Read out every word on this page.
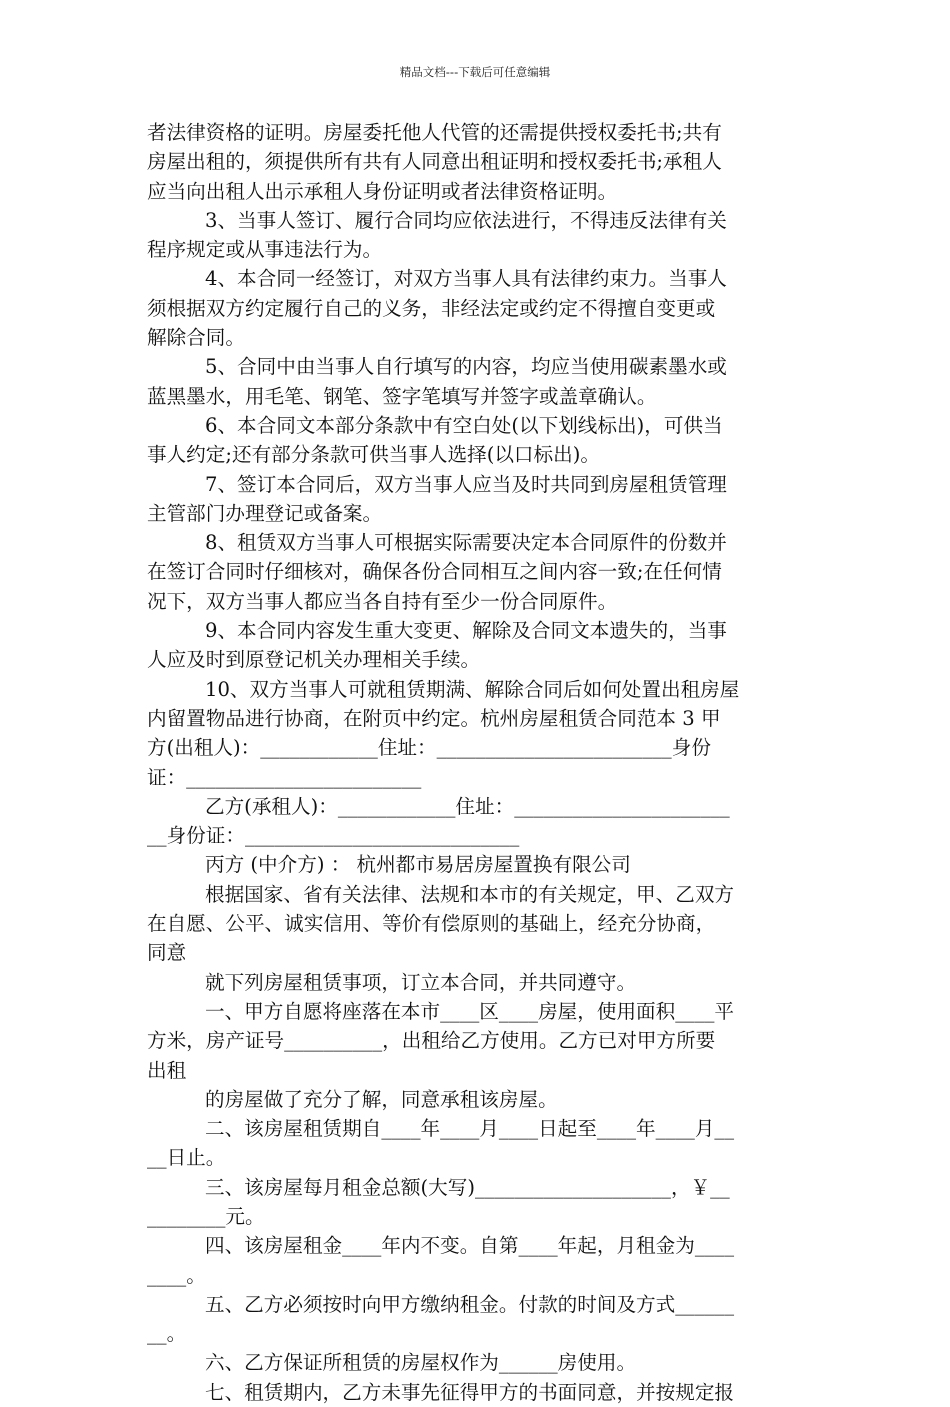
精品文档---下载后可任意编辑
者法律资格的证明。房屋委托他人代管的还需提供授权委托书;共有
房屋出租的，须提供所有共有人同意出租证明和授权委托书;承租人
应当向出租人出示承租人身份证明或者法律资格证明。
3、当事人签订、履行合同均应依法进行，不得违反法律有关
程序规定或从事违法行为。
4、本合同一经签订，对双方当事人具有法律约束力。当事人
须根据双方约定履行自己的义务，非经法定或约定不得擅自变更或
解除合同。
5、合同中由当事人自行填写的内容，均应当使用碳素墨水或
蓝黑墨水，用毛笔、钢笔、签字笔填写并签字或盖章确认。
6、本合同文本部分条款中有空白处(以下划线标出)，可供当
事人约定;还有部分条款可供当事人选择(以口标出)。
7、签订本合同后，双方当事人应当及时共同到房屋租赁管理
主管部门办理登记或备案。
8、租赁双方当事人可根据实际需要决定本合同原件的份数并
在签订合同时仔细核对，确保各份合同相互之间内容一致;在任何情
况下，双方当事人都应当各自持有至少一份合同原件。
9、本合同内容发生重大变更、解除及合同文本遗失的，当事
人应及时到原登记机关办理相关手续。
10、双方当事人可就租赁期满、解除合同后如何处置出租房屋
内留置物品进行协商，在附页中约定。杭州房屋租赁合同范本 3 甲
方(出租人)：____________住址：________________________身份
证：________________________
乙方(承租人)：____________住址：______________________
__身份证：____________________________
丙方 (中介方) ： 杭州都市易居房屋置换有限公司
根据国家、省有关法律、法规和本市的有关规定，甲、乙双方
在自愿、公平、诚实信用、等价有偿原则的基础上，经充分协商，
同意
就下列房屋租赁事项，订立本合同，并共同遵守。
一、甲方自愿将座落在本市____区____房屋，使用面积____平
方米，房产证号__________，出租给乙方使用。乙方已对甲方所要
出租
的房屋做了充分了解，同意承租该房屋。
二、该房屋租赁期自____年____月____日起至____年____月__
__日止。
三、该房屋每月租金总额(大写)____________________，￥__
________元。
四、该房屋租金____年内不变。自第____年起，月租金为____
____。
五、乙方必须按时向甲方缴纳租金。付款的时间及方式______
__。
六、乙方保证所租赁的房屋权作为______房使用。
七、租赁期内，乙方未事先征得甲方的书面同意，并按规定报
